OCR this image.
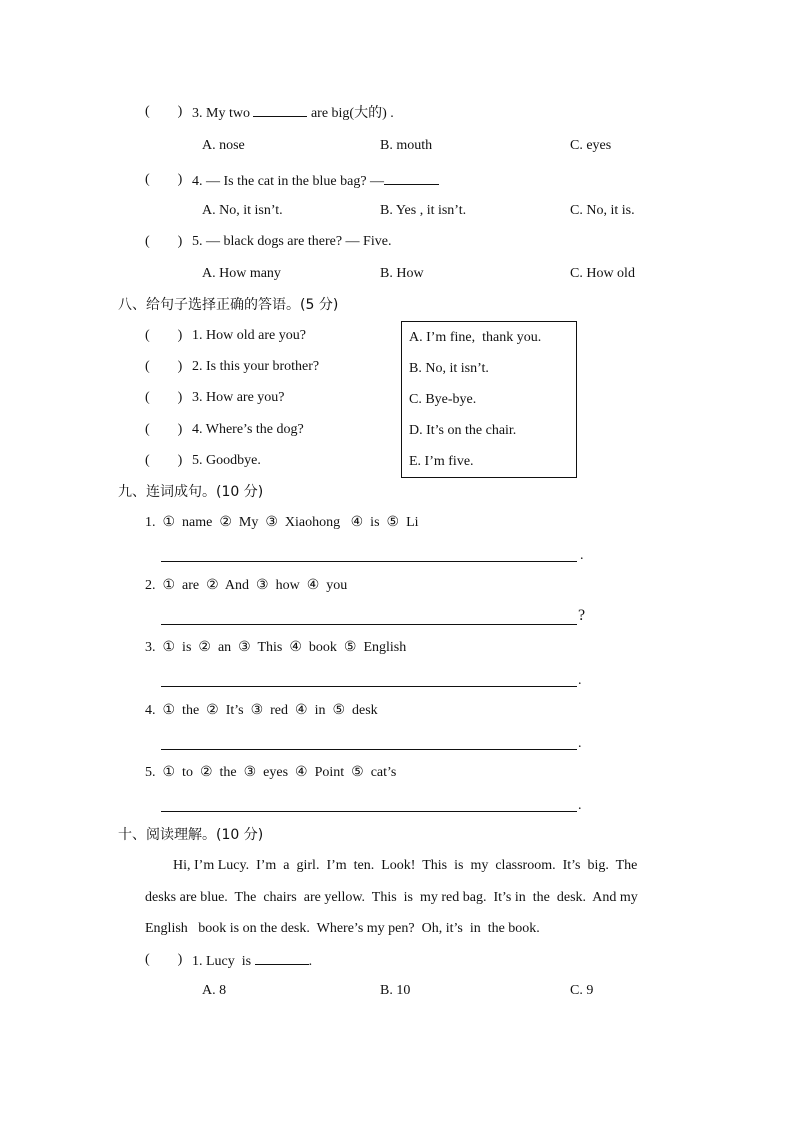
(        ) 3. My two	are big(大的) .
A. nose	B. mouth	C. eyes
(        ) 4. — Is the cat in the blue bag? —
A. No, it isn’t.	B. Yes , it isn’t.	C. No, it is.
(        ) 5. — black dogs are there? — Five.
A. How many	B. How	C. How old
八、给句子选择正确的答语。(5 分)
(        ) 1. How old are you?
(        ) 2. Is this your brother?
(        ) 3. How are you?
(        ) 4. Where’s the dog?
(        ) 5. Goodbye.
A. I’m fine,  thank you.
B. No, it isn’t.
C. Bye-bye.
D. It’s on the chair.
E. I’m five.
九、连词成句。(10 分)
1.  ①  name  ②  My  ③  Xiaohong   ④  is  ⑤  Li
.
2.  ①  are  ②  And  ③  how  ④  you
?
3.  ①  is  ②  an  ③  This  ④  book  ⑤  English
.
4.  ①  the  ②  It’s  ③  red  ④  in  ⑤  desk
.
5.  ①  to  ②  the  ③  eyes  ④  Point  ⑤  cat’s
.
十、阅读理解。(10 分)
Hi, I’m Lucy.  I’m  a  girl.  I’m  ten.  Look!  This  is  my  classroom.  It’s  big.  The
desks are blue.  The  chairs  are yellow.  This  is  my red bag.  It’s in  the  desk.  And my
English   book is on the desk.  Where’s my pen?  Oh, it’s  in  the book.
(        ) 1. Lucy  is	.
A. 8	B. 10	C. 9
